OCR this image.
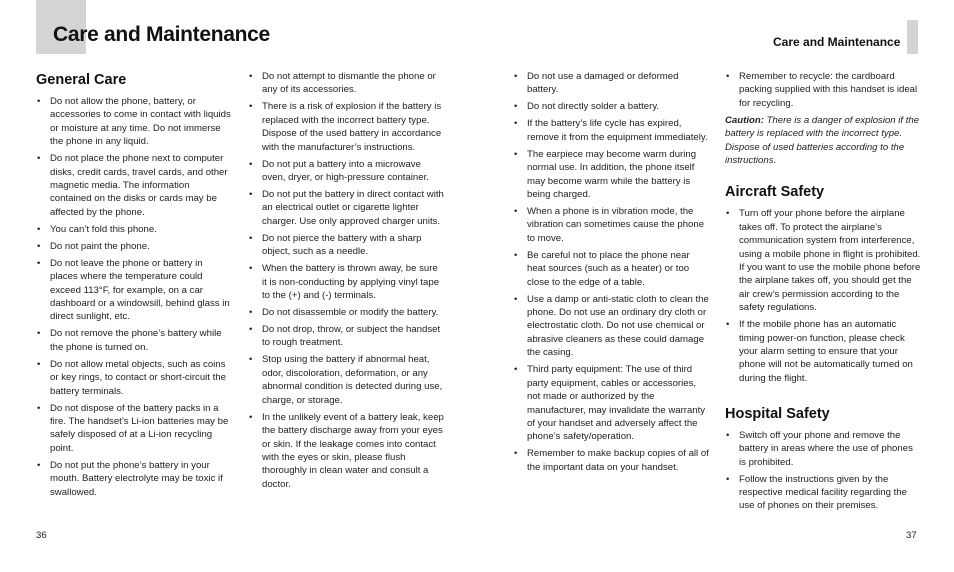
Care and Maintenance	Care and Maintenance
General Care
• Do not allow the phone, battery, or accessories to come in contact with liquids or moisture at any time. Do not immerse the phone in any liquid.
• Do not place the phone next to computer disks, credit cards, travel cards, and other magnetic media. The information contained on the disks or cards may be affected by the phone.
• You can’t fold this phone.
• Do not paint the phone.
• Do not leave the phone or battery in places where the temperature could exceed 113°F, for example, on a car dashboard or a windowsill, behind glass in direct sunlight, etc.
• Do not remove the phone’s battery while the phone is turned on.
• Do not allow metal objects, such as coins or key rings, to contact or short-circuit the battery terminals.
• Do not dispose of the battery packs in a fire. The handset’s Li-ion batteries may be safely disposed of at a Li-ion recycling point.
• Do not put the phone’s battery in your mouth. Battery electrolyte may be toxic if swallowed.
• Do not attempt to dismantle the phone or any of its accessories.
• There is a risk of explosion if the battery is replaced with the incorrect battery type. Dispose of the used battery in accordance with the manufacturer’s instructions.
• Do not put a battery into a microwave oven, dryer, or high-pressure container.
• Do not put the battery in direct contact with an electrical outlet or cigarette lighter charger. Use only approved charger units.
• Do not pierce the battery with a sharp object, such as a needle.
• When the battery is thrown away, be sure it is non-conducting by applying vinyl tape to the (+) and (-) terminals.
• Do not disassemble or modify the battery.
• Do not drop, throw, or subject the handset to rough treatment.
• Stop using the battery if abnormal heat, odor, discoloration, deformation, or any abnormal condition is detected during use, charge, or storage.
• In the unlikely event of a battery leak, keep the battery discharge away from your eyes or skin. If the leakage comes into contact with the eyes or skin, please flush thoroughly in clean water and consult a doctor.
• Do not use a damaged or deformed battery.
• Do not directly solder a battery.
• If the battery’s life cycle has expired, remove it from the equipment immediately.
• The earpiece may become warm during normal use. In addition, the phone itself may become warm while the battery is being charged.
• When a phone is in vibration mode, the vibration can sometimes cause the phone to move.
• Be careful not to place the phone near heat sources (such as a heater) or too close to the edge of a table.
• Use a damp or anti-static cloth to clean the phone. Do not use an ordinary dry cloth or electrostatic cloth. Do not use chemical or abrasive cleaners as these could damage the casing.
• Third party equipment: The use of third party equipment, cables or accessories, not made or authorized by the manufacturer, may invalidate the warranty of your handset and adversely affect the phone’s safety/operation.
• Remember to make backup copies of all of the important data on your handset.
• Remember to recycle: the cardboard packing supplied with this handset is ideal for recycling.

Caution: There is a danger of explosion if the battery is replaced with the incorrect type. Dispose of used batteries according to the instructions.

Aircraft Safety
• Turn off your phone before the airplane takes off. To protect the airplane’s communication system from interference, using a mobile phone in flight is prohibited. If you want to use the mobile phone before the airplane takes off, you should get the air crew’s permission according to the safety regulations.
• If the mobile phone has an automatic timing power-on function, please check your alarm setting to ensure that your phone will not be automatically turned on during the flight.
Hospital Safety
• Switch off your phone and remove the battery in areas where the use of phones is prohibited.
• Follow the instructions given by the respective medical facility regarding the use of phones on their premises.
36	37
